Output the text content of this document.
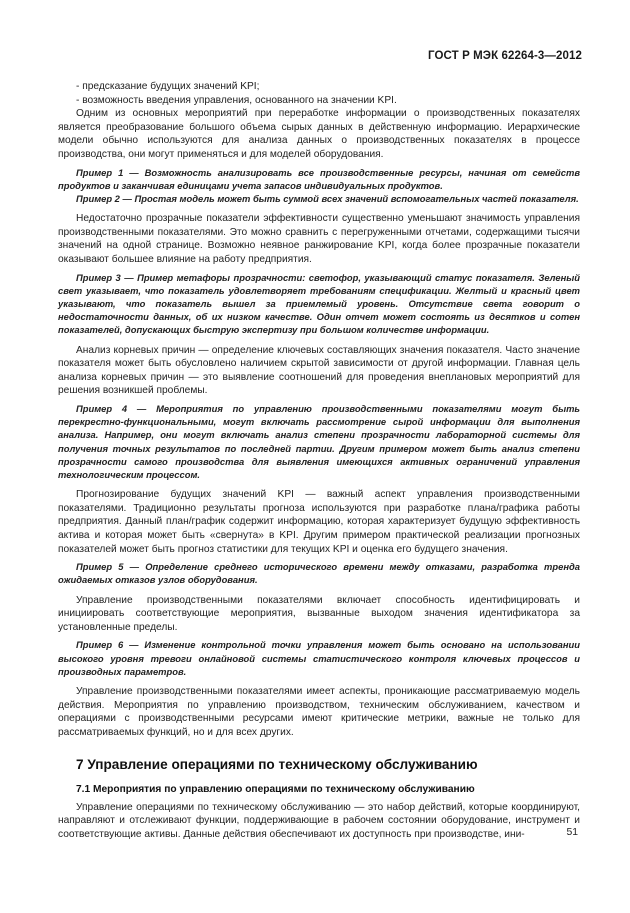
ГОСТ Р МЭК 62264-3—2012

- предсказание будущих значений KPI;

- возможность введения управления, основанного на значении KPI.

Одним из основных мероприятий при переработке информации о производственных показателях является преобразование большого объема сырых данных в действенную информацию. Иерархические модели обычно используются для анализа данных о производственных показателях в процессе производства, они могут применяться и для моделей оборудования.

Пример 1 — Возможность анализировать все производственные ресурсы, начиная от семейств продуктов и заканчивая единицами учета запасов индивидуальных продуктов.

Пример 2 — Простая модель может быть суммой всех значений вспомогательных частей показателя.

Недостаточно прозрачные показатели эффективности существенно уменьшают значимость управления производственными показателями. Это можно сравнить с перегруженными отчетами, содержащими тысячи значений на одной странице. Возможно неявное ранжирование KPI, когда более прозрачные показатели оказывают большее влияние на работу предприятия.

Пример 3 — Пример метафоры прозрачности: светофор, указывающий статус показателя. Зеленый свет указывает, что показатель удовлетворяет требованиям спецификации. Желтый и красный цвет указывают, что показатель вышел за приемлемый уровень. Отсутствие света говорит о недостаточности данных, об их низком качестве. Один отчет может состоять из десятков и сотен показателей, допускающих быструю экспертизу при большом количестве информации.

Анализ корневых причин — определение ключевых составляющих значения показателя. Часто значение показателя может быть обусловлено наличием скрытой зависимости от другой информации. Главная цель анализа корневых причин — это выявление соотношений для проведения внеплановых мероприятий для решения возникшей проблемы.

Пример 4 — Мероприятия по управлению производственными показателями могут быть перекрестно-функциональными, могут включать рассмотрение сырой информации для выполнения анализа. Например, они могут включать анализ степени прозрачности лабораторной системы для получения точных результатов по последней партии. Другим примером может быть анализ степени прозрачности самого производства для выявления имеющихся активных ограничений управления технологическим процессом.

Прогнозирование будущих значений KPI — важный аспект управления производственными показателями. Традиционно результаты прогноза используются при разработке плана/графика работы предприятия. Данный план/график содержит информацию, которая характеризует будущую эффективность актива и которая может быть «свернута» в KPI. Другим примером практической реализации прогнозных показателей может быть прогноз статистики для текущих KPI и оценка его будущего значения.

Пример 5 — Определение среднего исторического времени между отказами, разработка тренда ожидаемых отказов узлов оборудования.

Управление производственными показателями включает способность идентифицировать и инициировать соответствующие мероприятия, вызванные выходом значения идентификатора за установленные пределы.

Пример 6 — Изменение контрольной точки управления может быть основано на использовании высокого уровня тревоги онлайновой системы статистического контроля ключевых процессов и производных параметров.

Управление производственными показателями имеет аспекты, проникающие рассматриваемую модель действия. Мероприятия по управлению производством, техническим обслуживанием, качеством и операциями с производственными ресурсами имеют критические метрики, важные не только для рассматриваемых функций, но и для всех других.

7 Управление операциями по техническому обслуживанию
7.1 Мероприятия по управлению операциями по техническому обслуживанию

Управление операциями по техническому обслуживанию — это набор действий, которые координируют, направляют и отслеживают функции, поддерживающие в рабочем состоянии оборудование, инструмент и соответствующие активы. Данные действия обеспечивают их доступность при производстве, ини-	51
